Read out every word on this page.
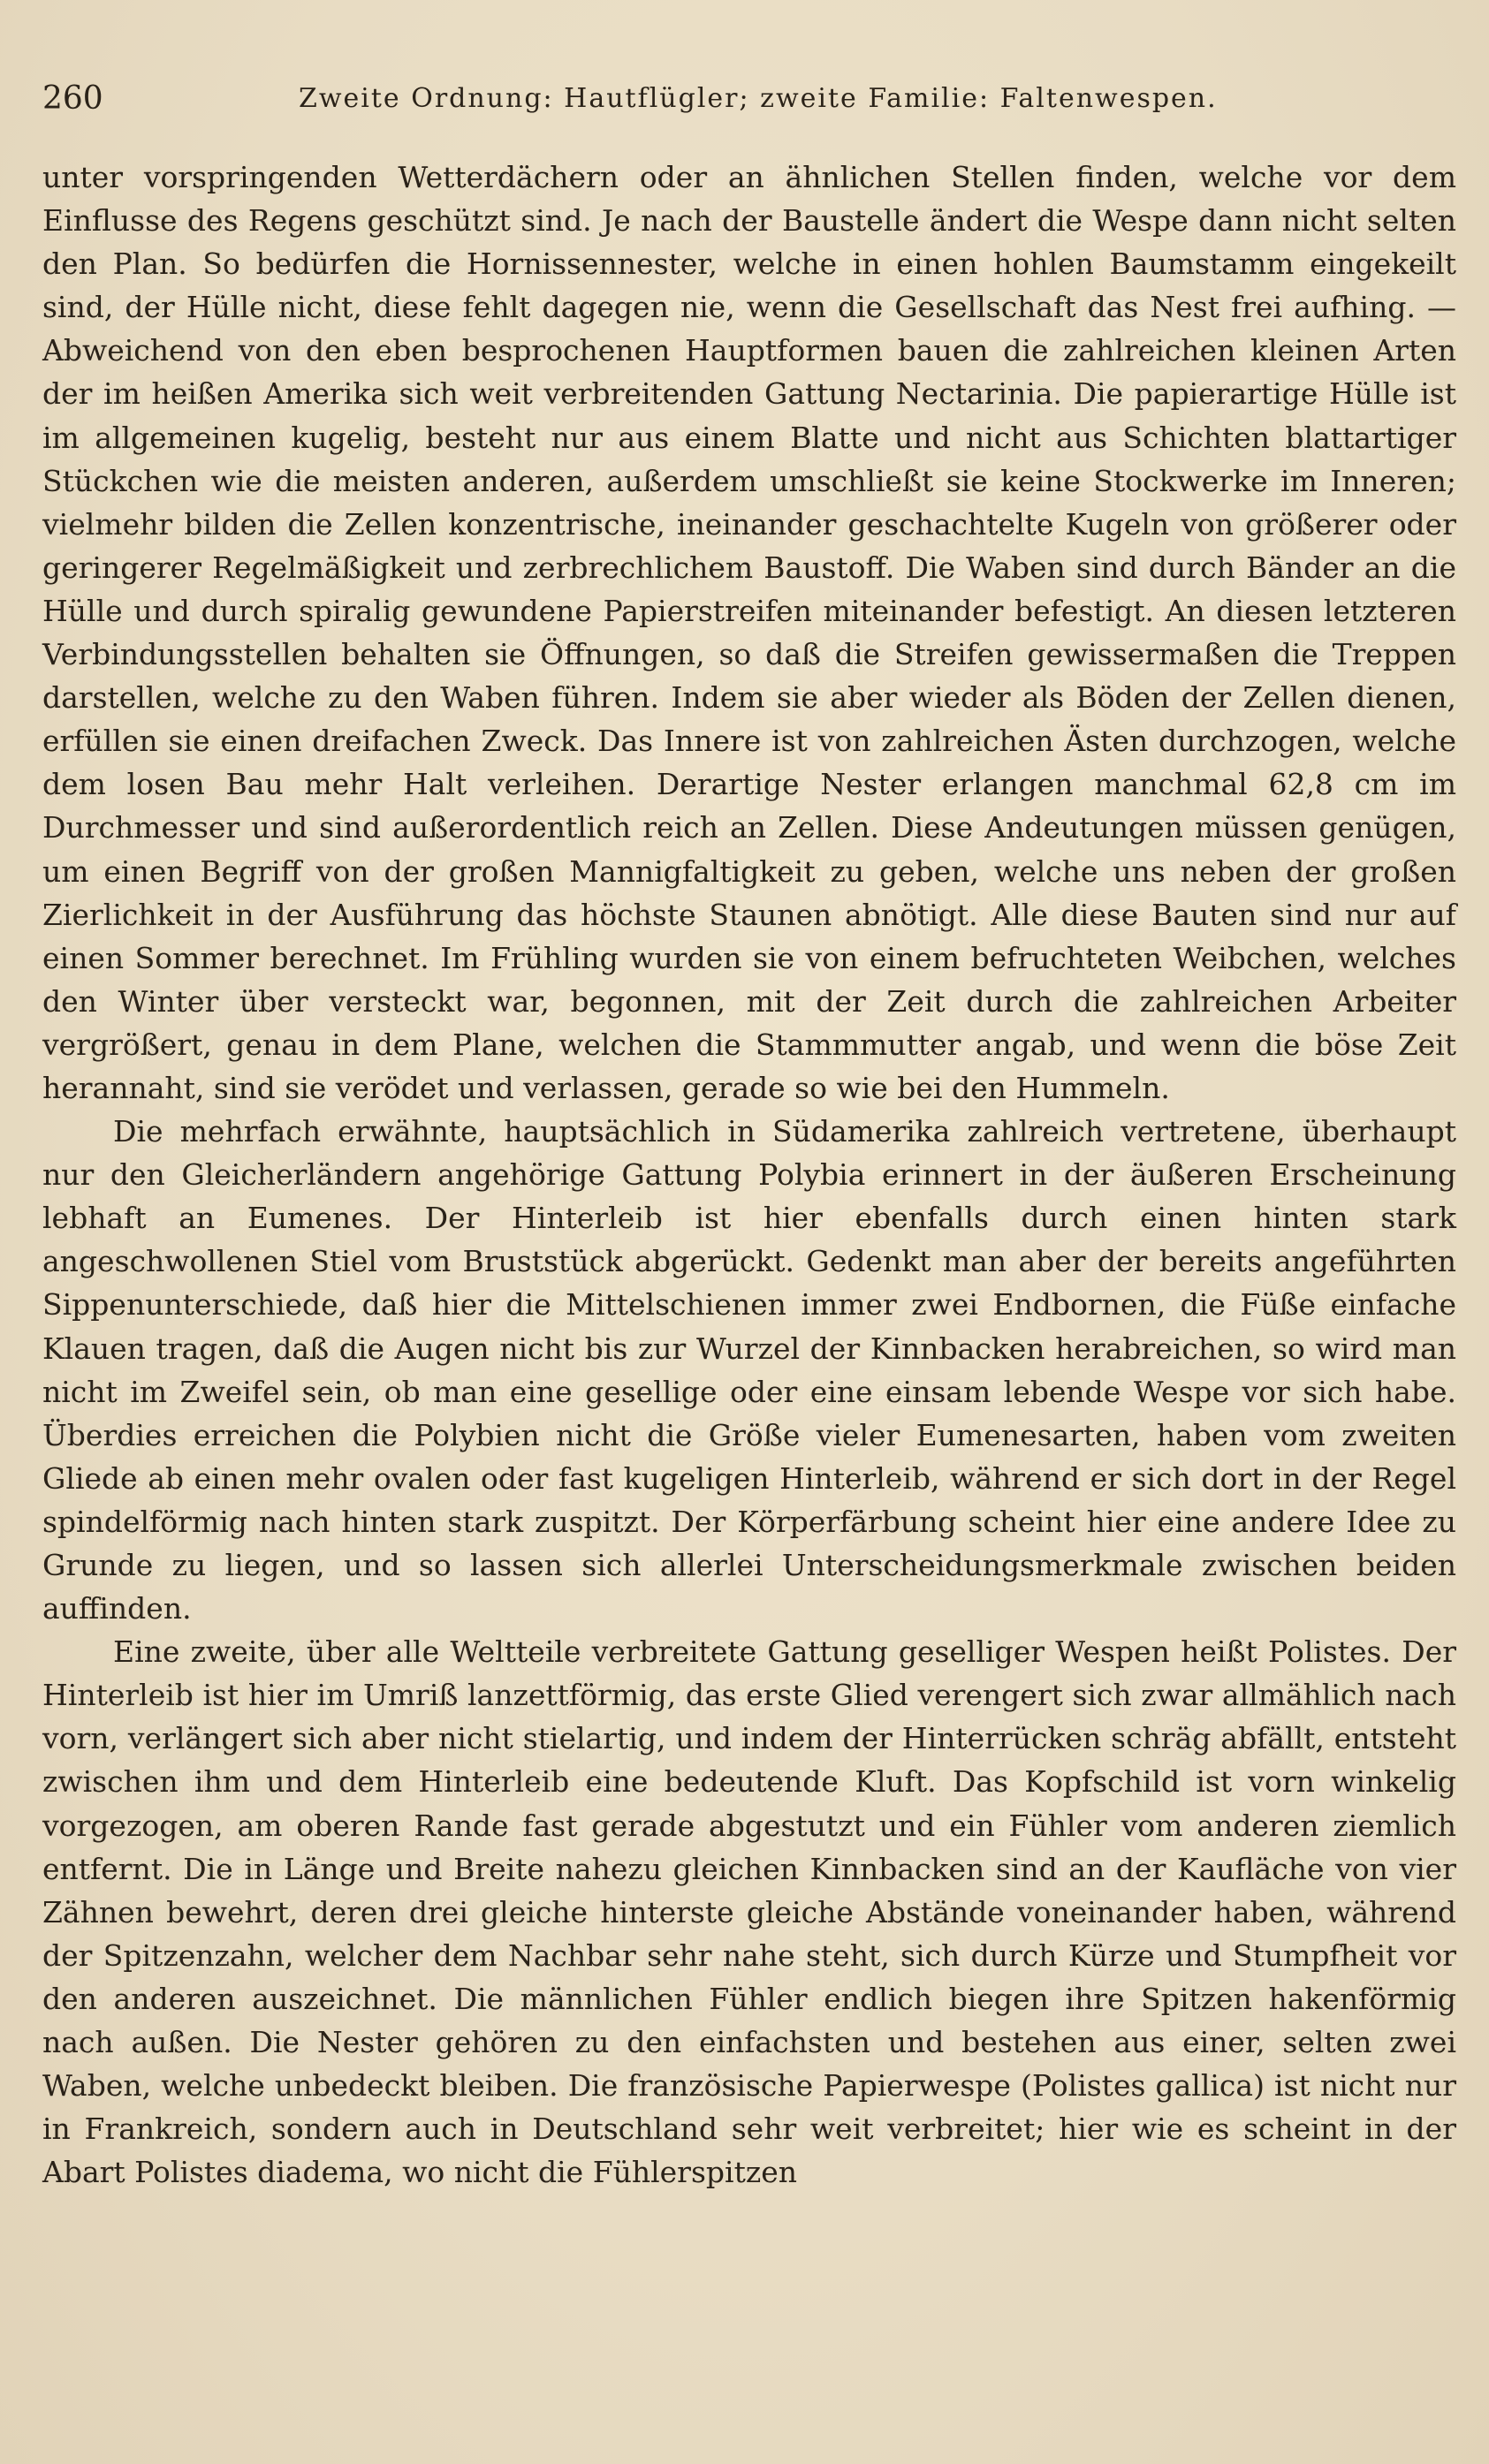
260	Zweite Ordnung: Hautflügler; zweite Familie: Faltenwespen.

unter vorspringenden Wetterdächern oder an ähnlichen Stellen finden, welche vor dem Einflusse des Regens geschützt sind. Je nach der Baustelle ändert die Wespe dann nicht selten den Plan. So bedürfen die Hornissennester, welche in einen hohlen Baumstamm eingekeilt sind, der Hülle nicht, diese fehlt dagegen nie, wenn die Gesellschaft das Nest frei aufhing. — Abweichend von den eben besprochenen Hauptformen bauen die zahlreichen kleinen Arten der im heißen Amerika sich weit verbreitenden Gattung Nectarinia. Die papierartige Hülle ist im allgemeinen kugelig, besteht nur aus einem Blatte und nicht aus Schichten blattartiger Stückchen wie die meisten anderen, außerdem umschließt sie keine Stockwerke im Inneren; vielmehr bilden die Zellen konzentrische, ineinander geschachtelte Kugeln von größerer oder geringerer Regelmäßigkeit und zerbrechlichem Baustoff. Die Waben sind durch Bänder an die Hülle und durch spiralig gewundene Papierstreifen miteinander befestigt. An diesen letzteren Verbindungsstellen behalten sie Öffnungen, so daß die Streifen gewissermaßen die Treppen darstellen, welche zu den Waben führen. Indem sie aber wieder als Böden der Zellen dienen, erfüllen sie einen dreifachen Zweck. Das Innere ist von zahlreichen Ästen durchzogen, welche dem losen Bau mehr Halt verleihen. Derartige Nester erlangen manchmal 62,8 cm im Durchmesser und sind außerordentlich reich an Zellen. Diese Andeutungen müssen genügen, um einen Begriff von der großen Mannigfaltigkeit zu geben, welche uns neben der großen Zierlichkeit in der Ausführung das höchste Staunen abnötigt. Alle diese Bauten sind nur auf einen Sommer berechnet. Im Frühling wurden sie von einem befruchteten Weibchen, welches den Winter über versteckt war, begonnen, mit der Zeit durch die zahlreichen Arbeiter vergrößert, genau in dem Plane, welchen die Stammmutter angab, und wenn die böse Zeit herannaht, sind sie verödet und verlassen, gerade so wie bei den Hummeln.

Die mehrfach erwähnte, hauptsächlich in Südamerika zahlreich vertretene, überhaupt nur den Gleicherländern angehörige Gattung Polybia erinnert in der äußeren Erscheinung lebhaft an Eumenes. Der Hinterleib ist hier ebenfalls durch einen hinten stark angeschwollenen Stiel vom Bruststück abgerückt. Gedenkt man aber der bereits angeführten Sippenunterschiede, daß hier die Mittelschienen immer zwei Endbornen, die Füße einfache Klauen tragen, daß die Augen nicht bis zur Wurzel der Kinnbacken herabreichen, so wird man nicht im Zweifel sein, ob man eine gesellige oder eine einsam lebende Wespe vor sich habe. Überdies erreichen die Polybien nicht die Größe vieler Eumenesarten, haben vom zweiten Gliede ab einen mehr ovalen oder fast kugeligen Hinterleib, während er sich dort in der Regel spindelförmig nach hinten stark zuspitzt. Der Körperfärbung scheint hier eine andere Idee zu Grunde zu liegen, und so lassen sich allerlei Unterscheidungsmerkmale zwischen beiden auffinden.

Eine zweite, über alle Weltteile verbreitete Gattung geselliger Wespen heißt Polistes. Der Hinterleib ist hier im Umriß lanzettförmig, das erste Glied verengert sich zwar allmählich nach vorn, verlängert sich aber nicht stielartig, und indem der Hinterrücken schräg abfällt, entsteht zwischen ihm und dem Hinterleib eine bedeutende Kluft. Das Kopfschild ist vorn winkelig vorgezogen, am oberen Rande fast gerade abgestutzt und ein Fühler vom anderen ziemlich entfernt. Die in Länge und Breite nahezu gleichen Kinnbacken sind an der Kaufläche von vier Zähnen bewehrt, deren drei gleiche hinterste gleiche Abstände voneinander haben, während der Spitzenzahn, welcher dem Nachbar sehr nahe steht, sich durch Kürze und Stumpfheit vor den anderen auszeichnet. Die männlichen Fühler endlich biegen ihre Spitzen hakenförmig nach außen. Die Nester gehören zu den einfachsten und bestehen aus einer, selten zwei Waben, welche unbedeckt bleiben. Die französische Papierwespe (Polistes gallica) ist nicht nur in Frankreich, sondern auch in Deutschland sehr weit verbreitet; hier wie es scheint in der Abart Polistes diadema, wo nicht die Fühlerspitzen
